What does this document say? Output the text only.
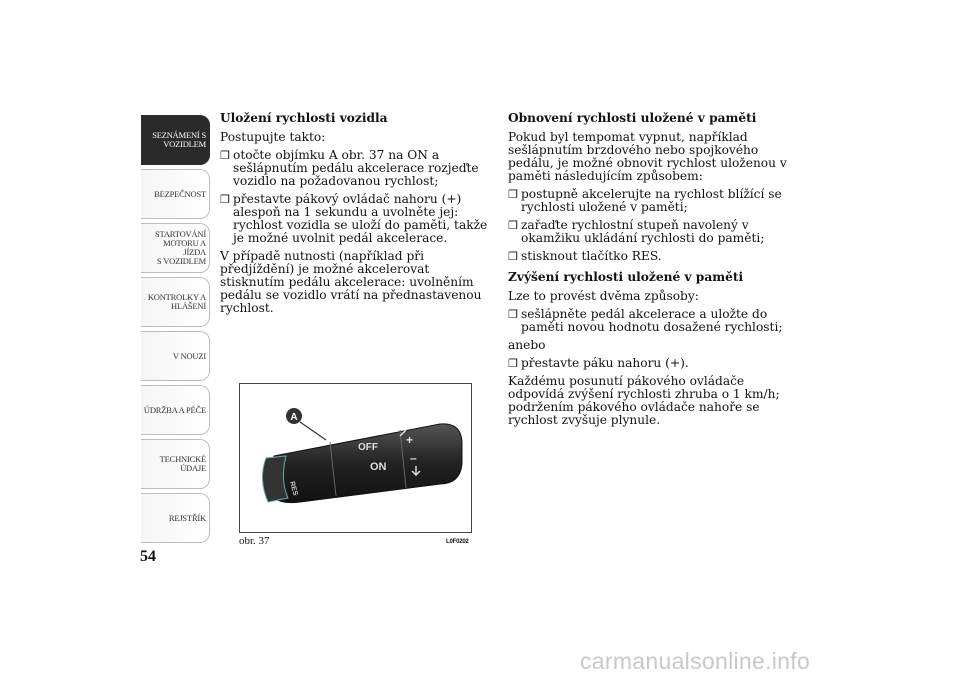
SEZNÁMENÍ S
VOZIDLEM
BEZPEČNOST
STARTOVÁNÍ
MOTORU A JÍZDA
S VOZIDLEM
KONTROLKY A
HLÁŠENÍ
V NOUZI
ÚDRŽBA A PÉČE
TECHNICKÉ
ÚDAJE
REJSTŘÍK
54
Uložení rychlosti vozidla

Postupujte takto:

❒ otočte objímku A obr. 37 na ON a sešlápnutím pedálu akcelerace rozjeďte vozidlo na požadovanou rychlost;
❒ přestavte pákový ovládač nahoru (+) alespoň na 1 sekundu a uvolněte jej: rychlost vozidla se uloží do paměti, takže je možné uvolnit pedál akcelerace.

V případě nutnosti (například při předjíždění) je možné akcelerovat stisknutím pedálu akcelerace: uvolněním pedálu se vozidlo vrátí na přednastavenou rychlost.

Obnovení rychlosti uložené v paměti

Pokud byl tempomat vypnut, například sešlápnutím brzdového nebo spojkového pedálu, je možné obnovit rychlost uloženou v paměti následujícím způsobem:

❒ postupně akcelerujte na rychlost blížící se rychlosti uložené v paměti;
❒ zařaďte rychlostní stupeň navolený v okamžiku ukládání rychlosti do paměti;
❒ stisknout tlačítko RES.
Zvýšení rychlosti uložené v paměti

Lze to provést dvěma způsoby:

❒ sešlápněte pedál akcelerace a uložte do paměti novou hodnotu dosažené rychlosti;

anebo

❒ přestavte páku nahoru (+).

Každému posunutí pákového ovládače odpovídá zvýšení rychlosti zhruba o 1 km/h; podržením pákového ovládače nahoře se rychlost zvyšuje plynule.

A
OFF
ON
RES
+
–
obr. 37	L0F0202
carmanualsonline.info
